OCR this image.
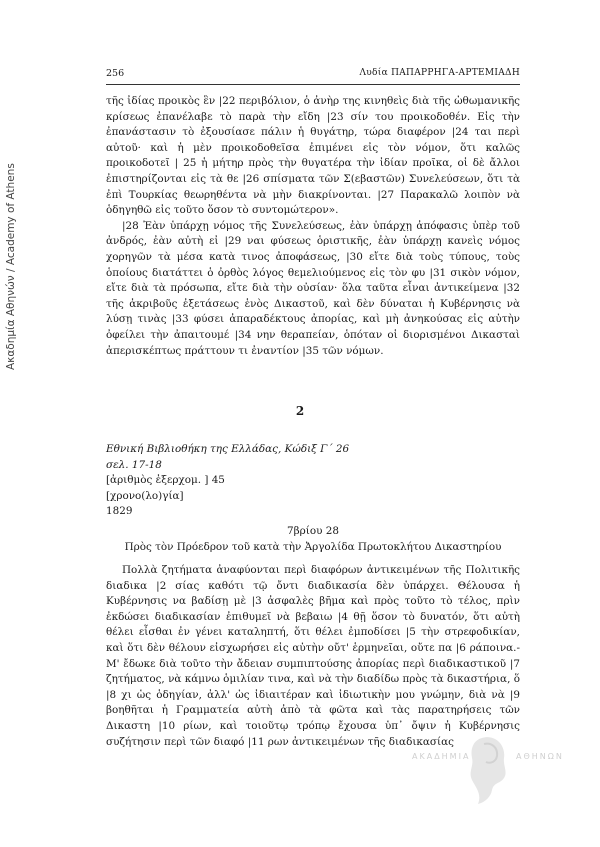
Ακαδημία Αθηνών / Academy of Athens
256	Λυδία ΠΑΠΑΡΡΗΓΑ-ΑΡΤΕΜΙΑΔΗ

τῆς ἰδίας προικὸς ἓν |22 περιβόλιον, ὁ ἀνὴρ της κινηθεὶς διὰ τῆς ὠθωμανικῆς κρίσεως ἐπανέλαβε τὸ παρὰ τὴν εἴδη |23 σίν του προικοδοθέν. Εἰς τὴν ἐπανάστασιν τὸ ἐξουσίασε πάλιν ἡ θυγάτηρ, τώρα διαφέρον |24 ται περὶ αὐτοῦ· καὶ ἡ μὲν προικοδοθεῖσα ἐπιμένει εἰς τὸν νόμον, ὅτι καλῶς προικοδοτεῖ | 25 ἡ μήτηρ πρὸς τὴν θυγατέρα τὴν ἰδίαν προῖκα, οἱ δὲ ἄλλοι ἐπιστηρίζονται εἰς τὰ θε |26 σπίσματα τῶν Σ(εβαστῶν) Συνελεύσεων, ὅτι τὰ ἐπὶ Τουρκίας θεωρηθέντα νὰ μὴν διακρίνονται. |27 Παρακαλῶ λοιπὸν νὰ ὁδηγηθῶ εἰς τοῦτο ὅσον τὸ συντομώτερον».

|28 Ἐὰν ὑπάρχῃ νόμος τῆς Συνελεύσεως, ἐὰν ὑπάρχῃ ἀπόφασις ὑπὲρ τοῦ ἀνδρός, ἐὰν αὐτὴ εἰ |29 ναι φύσεως ὁριστικῆς, ἐὰν ὑπάρχῃ κανεὶς νόμος χορηγῶν τὰ μέσα κατὰ τινος ἀποφάσεως, |30 εἴτε διὰ τοὺς τύπους, τοὺς ὁποίους διατάττει ὁ ὀρθὸς λόγος θεμελιούμενος εἰς τὸν φυ |31 σικὸν νόμον, εἴτε διὰ τὰ πρόσωπα, εἴτε διὰ τὴν οὐσίαν· ὅλα ταῦτα εἶναι ἀντικείμενα |32 τῆς ἀκριβοῦς ἐξετάσεως ἑνὸς Δικαστοῦ, καὶ δὲν δύναται ἡ Κυβέρνησις νὰ λύσῃ τινὰς |33 φύσει ἀπαραδέκτους ἀπορίας, καὶ μὴ ἀνηκούσας εἰς αὐτὴν ὀφείλει τὴν ἀπαιτουμέ |34 νην θεραπείαν, ὁπόταν οἱ διορισμένοι Δικασταὶ ἀπερισκέπτως πράττουν τι ἐναντίον |35 τῶν νόμων.

2
Εθνική Βιβλιοθήκη της Ελλάδας, Κώδιξ Γ΄ 26
σελ. 17-18
[ἀριθμὸς ἐξερχομ. ] 45
[χρονο(λο)γία]
1829
7βρίου 28
Πρὸς τὸν Πρόεδρον τοῦ κατὰ τὴν Ἀργολίδα Πρωτοκλήτου Δικαστηρίου

Πολλὰ ζητήματα ἀναφύονται περὶ διαφόρων ἀντικειμένων τῆς Πολιτικῆς διαδικα |2 σίας καθότι τῷ ὄντι διαδικασία δὲν ὑπάρχει. Θέλουσα ἡ Κυβέρνησις να βαδίσῃ μὲ |3 ἀσφαλὲς βῆμα καὶ πρὸς τοῦτο τὸ τέλος, πρὶν ἐκδώσει διαδικασίαν ἐπιθυμεῖ νὰ βεβαιω |4 θῇ ὅσον τὸ δυνατόν, ὅτι αὐτὴ θέλει εἶσθαι ἐν γένει καταληπτή, ὅτι θέλει ἐμποδίσει |5 τὴν στρεφοδικίαν, καὶ ὅτι δὲν θέλουν εἰσχωρήσει εἰς αὐτὴν οὔτ' ἑρμηνεῖαι, οὔτε πα |6 ράποινα.-Μ' ἔδωκε διὰ τοῦτο τὴν ἄδειαν συμπιπτούσης ἀπορίας περὶ διαδικαστικοῦ |7 ζητήματος, νὰ κάμνω ὁμιλίαν τινα, καὶ νὰ τὴν διαδίδω πρὸς τὰ δικαστήρια, ὅ |8 χι ὡς ὁδηγίαν, ἀλλ' ὡς ἰδιαιτέραν καὶ ἰδιωτικὴν μου γνώμην, διὰ νὰ |9 βοηθῆται ἡ Γραμματεία αὐτὴ ἀπὸ τὰ φῶτα καὶ τὰς παρατηρήσεις τῶν Δικαστη |10 ρίων, καὶ τοιοῦτῳ τρόπῳ ἔχουσα ὑπ᾽ ὄψιν ἡ Κυβέρνησις συζήτησιν περὶ τῶν διαφό |11 ρων ἀντικειμένων τῆς διαδικασίας

ΑΚΑΔΗΜΙΑ	ΑΘΗΝΩΝ
